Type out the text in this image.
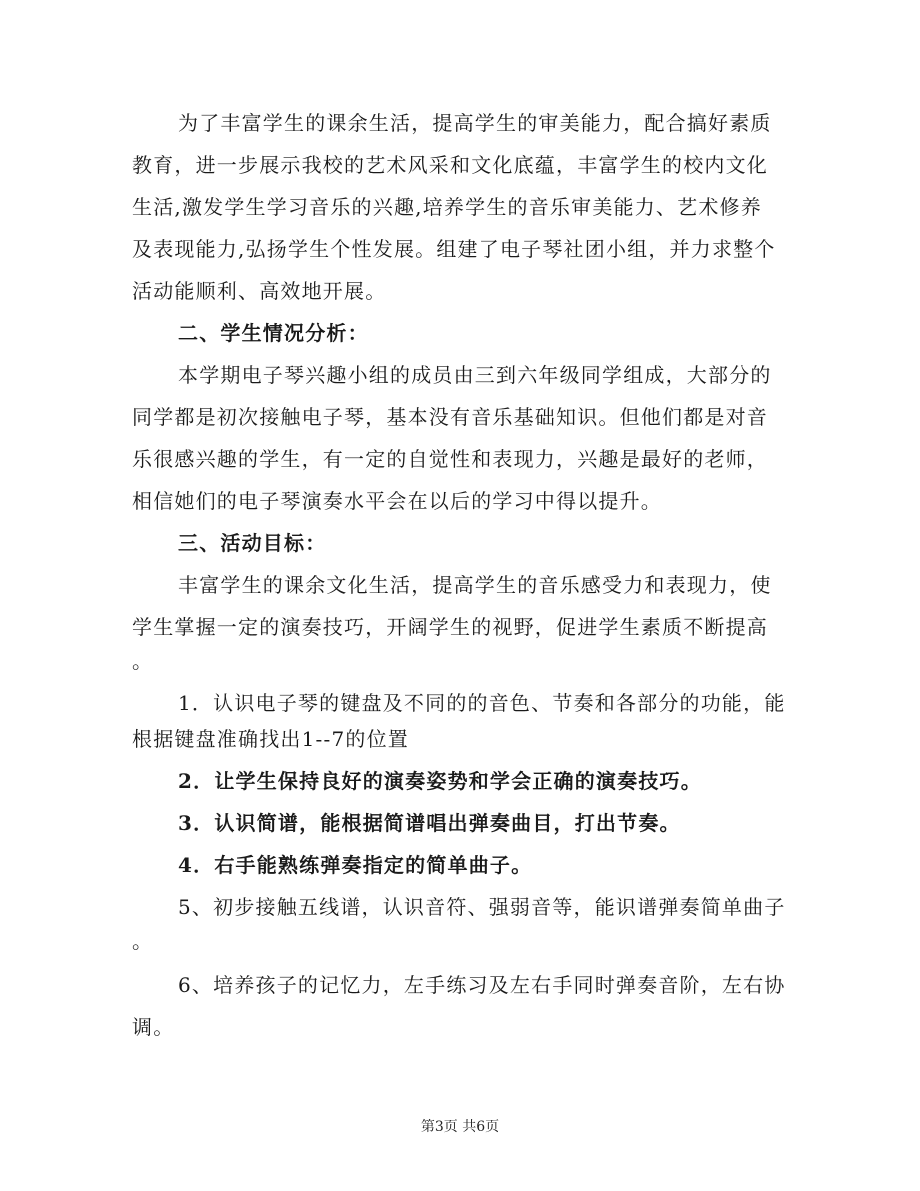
为了丰富学生的课余生活，提高学生的审美能力，配合搞好素质
教育，进一步展示我校的艺术风采和文化底蕴，丰富学生的校内文化
生活,激发学生学习音乐的兴趣,培养学生的音乐审美能力、艺术修养
及表现能力,弘扬学生个性发展。组建了电子琴社团小组，并力求整个
活动能顺利、高效地开展。
二、学生情况分析：
本学期电子琴兴趣小组的成员由三到六年级同学组成，大部分的
同学都是初次接触电子琴，基本没有音乐基础知识。但他们都是对音
乐很感兴趣的学生，有一定的自觉性和表现力，兴趣是最好的老师，
相信她们的电子琴演奏水平会在以后的学习中得以提升。
三、活动目标：
丰富学生的课余文化生活，提高学生的音乐感受力和表现力，使
学生掌握一定的演奏技巧，开阔学生的视野，促进学生素质不断提高
。
1．认识电子琴的键盘及不同的的音色、节奏和各部分的功能，能
根据键盘准确找出1--7的位置
2．让学生保持良好的演奏姿势和学会正确的演奏技巧。
3．认识简谱，能根据简谱唱出弹奏曲目，打出节奏。
4．右手能熟练弹奏指定的简单曲子。
5、初步接触五线谱，认识音符、强弱音等，能识谱弹奏简单曲子
。
6、培养孩子的记忆力，左手练习及左右手同时弹奏音阶，左右协
调。
第3页 共6页
